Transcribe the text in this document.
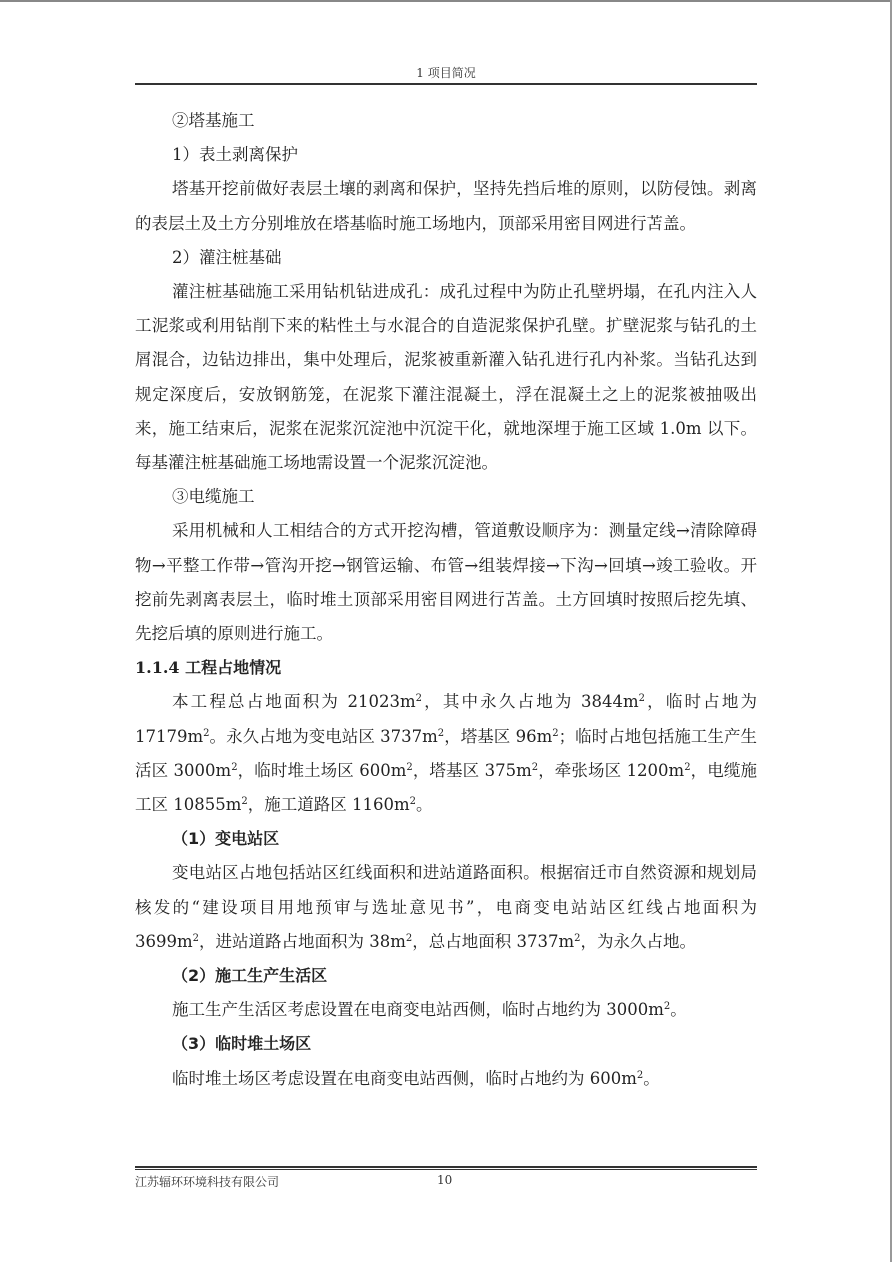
1 项目简况

②塔基施工

1）表土剥离保护

塔基开挖前做好表层土壤的剥离和保护，坚持先挡后堆的原则，以防侵蚀。剥离的表层土及土方分别堆放在塔基临时施工场地内，顶部采用密目网进行苫盖。

2）灌注桩基础

灌注桩基础施工采用钻机钻进成孔：成孔过程中为防止孔壁坍塌，在孔内注入人工泥浆或利用钻削下来的粘性土与水混合的自造泥浆保护孔壁。扩壁泥浆与钻孔的土屑混合，边钻边排出，集中处理后，泥浆被重新灌入钻孔进行孔内补浆。当钻孔达到规定深度后，安放钢筋笼，在泥浆下灌注混凝土，浮在混凝土之上的泥浆被抽吸出来，施工结束后，泥浆在泥浆沉淀池中沉淀干化，就地深埋于施工区域 1.0m 以下。每基灌注桩基础施工场地需设置一个泥浆沉淀池。

③电缆施工

采用机械和人工相结合的方式开挖沟槽，管道敷设顺序为：测量定线→清除障碍物→平整工作带→管沟开挖→钢管运输、布管→组装焊接→下沟→回填→竣工验收。开挖前先剥离表层土，临时堆土顶部采用密目网进行苫盖。土方回填时按照后挖先填、先挖后填的原则进行施工。

1.1.4 工程占地情况

本工程总占地面积为 $21023m^2$，其中永久占地为 $3844m^2$，临时占地为 $17179m^2$。永久占地为变电站区 $3737m^2$，塔基区 $96m^2$；临时占地包括施工生产生活区 $3000m^2$，临时堆土场区 $600m^2$，塔基区 $375m^2$，牵张场区 $1200m^2$，电缆施工区 $10855m^2$，施工道路区 $1160m^2$。

（1）变电站区

变电站区占地包括站区红线面积和进站道路面积。根据宿迁市自然资源和规划局核发的“建设项目用地预审与选址意见书”，电商变电站站区红线占地面积为 $3699m^2$，进站道路占地面积为 $38m^2$，总占地面积 $3737m^2$，为永久占地。

（2）施工生产生活区

施工生产生活区考虑设置在电商变电站西侧，临时占地约为 $3000m^2$。

（3）临时堆土场区

临时堆土场区考虑设置在电商变电站西侧，临时占地约为 $600m^2$。

江苏辐环环境科技有限公司	10
